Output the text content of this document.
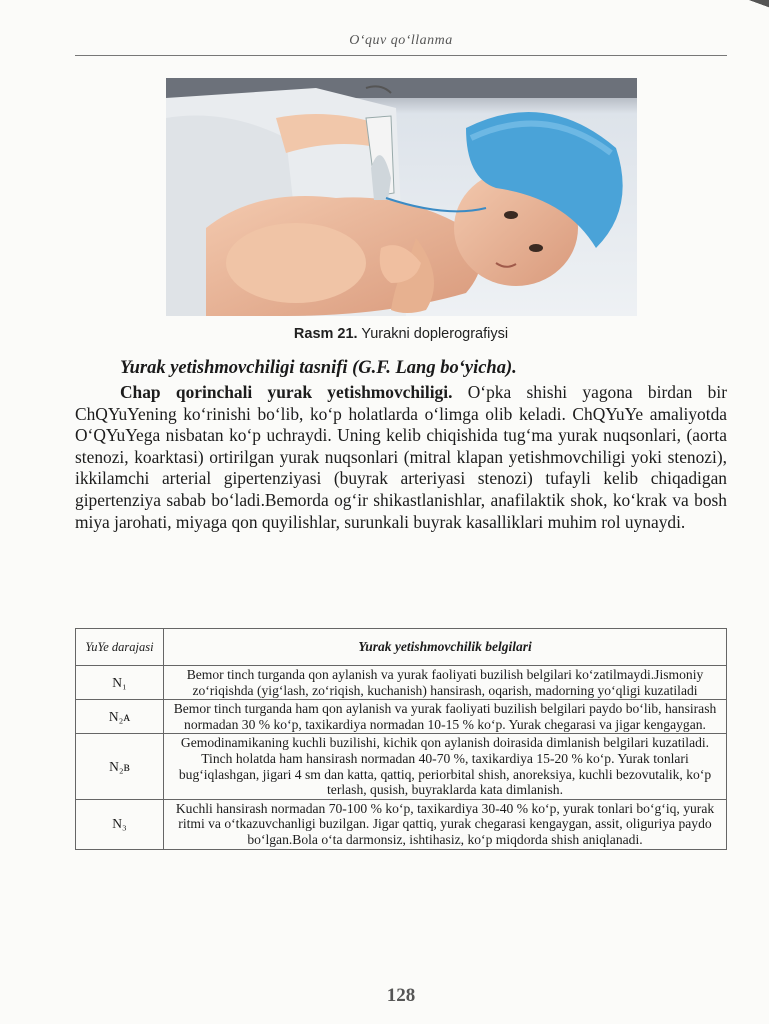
O‘quv qo‘llanma
Rasm 21. Yurakni doplerografiysi
Yurak yetishmovchiligi tasnifi (G.F. Lang bo‘yicha).
Chap qorinchali yurak yetishmovchiligi. O‘pka shishi yagona birdan bir ChQYuYening ko‘rinishi bo‘lib, ko‘p holatlarda o‘limga olib keladi. ChQYuYe amaliyotda O‘QYuYega nisbatan ko‘p uchraydi. Uning kelib chiqishida tug‘ma yurak nuqsonlari, (aorta stenozi, koarktasi) ortirilgan yurak nuqsonlari (mitral klapan yetishmovchiligi yoki stenozi), ikkilamchi arterial gipertenziyasi (buyrak arteriyasi stenozi) tufayli kelib chiqadigan gipertenziya sabab bo‘ladi.Bemorda og‘ir shikastlanishlar, anafilaktik shok, ko‘krak va bosh miya jarohati, miyaga qon quyilishlar, surunkali buyrak kasalliklari muhim rol uynaydi.
YuYe darajasi	Yurak yetishmovchilik belgilari
N₁	Bemor tinch turganda qon aylanish va yurak faoliyati buzilish belgilari ko‘zatilmaydi.Jismoniy zo‘riqishda (yig‘lash, zo‘riqish, kuchanish) hansirash, oqarish, madorning yo‘qligi kuzatiladi
N₂ᴀ	Bemor tinch turganda ham qon aylanish va yurak faoliyati buzilish belgilari paydo bo‘lib, hansirash normadan 30 % ko‘p, taxikardiya normadan 10-15 % ko‘p. Yurak chegarasi va jigar kengaygan.
N₂ʙ	Gemodinamikaning kuchli buzilishi, kichik qon aylanish doirasida dimlanish belgilari kuzatiladi. Tinch holatda ham hansirash normadan 40-70 %, taxikardiya 15-20 % ko‘p. Yurak tonlari bug‘iqlashgan, jigari 4 sm dan katta, qattiq, periorbital shish, anoreksiya, kuchli bezovutalik, ko‘p terlash, qusish, buyraklarda kata dimlanish.
N₃	Kuchli hansirash normadan 70-100 % ko‘p, taxikardiya 30-40 % ko‘p, yurak tonlari bo‘g‘iq, yurak ritmi va o‘tkazuvchanligi buzilgan. Jigar qattiq, yurak chegarasi kengaygan, assit, oliguriya paydo bo‘lgan.Bola o‘ta darmonsiz, ishtihasiz, ko‘p miqdorda shish aniqlanadi.
128
